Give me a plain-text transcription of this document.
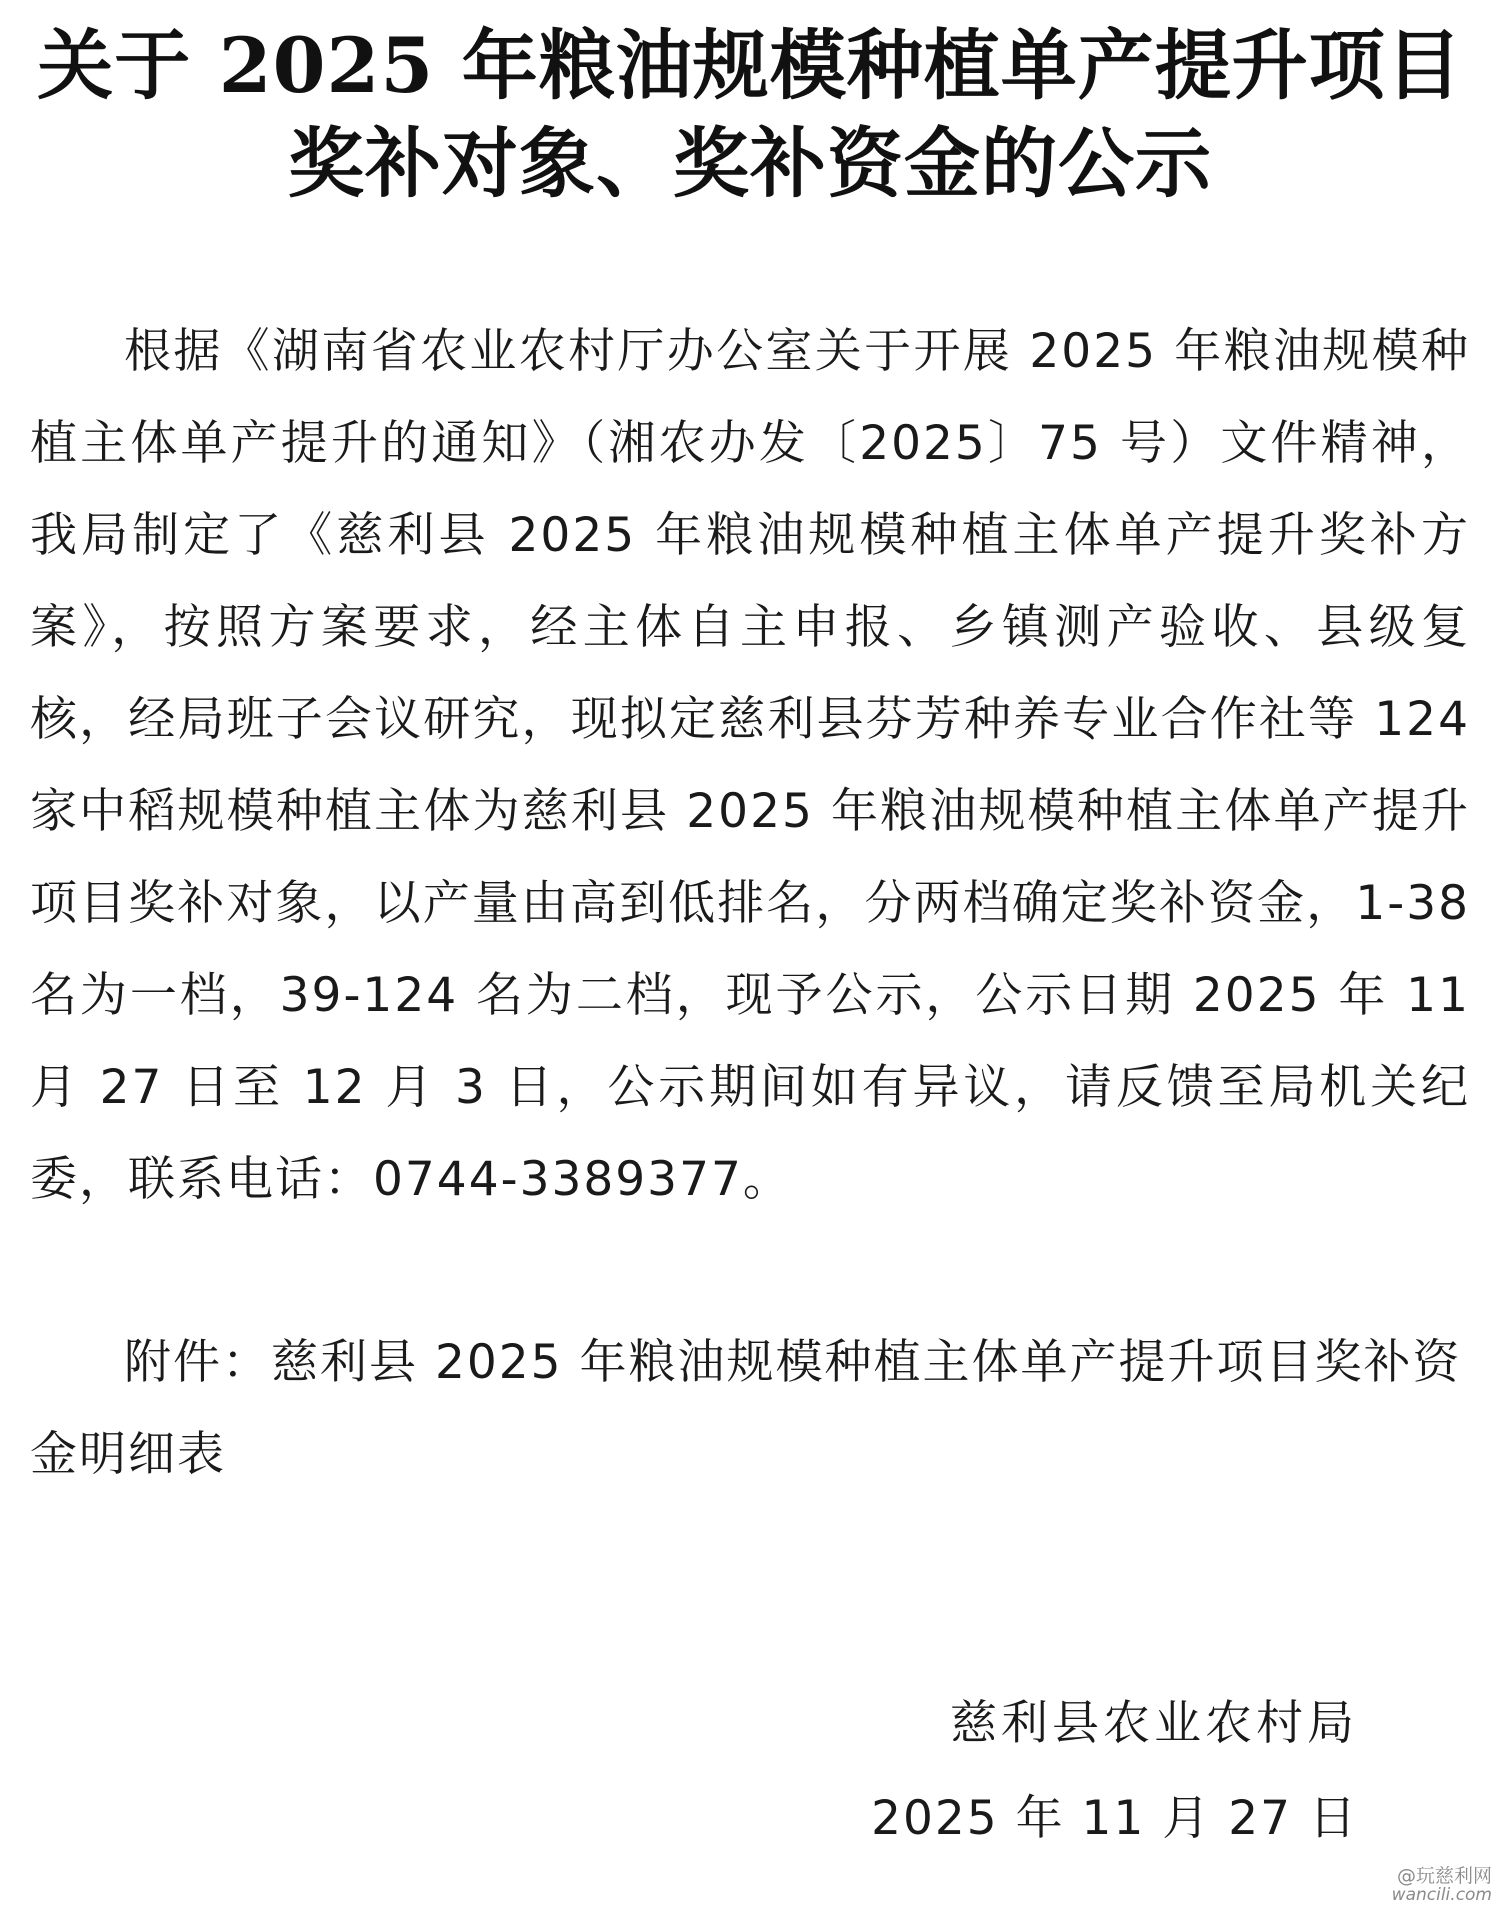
关于 2025 年粮油规模种植单产提升项目
奖补对象、奖补资金的公示

根据《湖南省农业农村厅办公室关于开展 2025 年粮油规模种植主体单产提升的通知》（湘农办发〔2025〕75 号）文件精神，我局制定了《慈利县 2025 年粮油规模种植主体单产提升奖补方案》，按照方案要求，经主体自主申报、乡镇测产验收、县级复核，经局班子会议研究，现拟定慈利县芬芳种养专业合作社等 124 家中稻规模种植主体为慈利县 2025 年粮油规模种植主体单产提升项目奖补对象，以产量由高到低排名，分两档确定奖补资金，1-38 名为一档，39-124 名为二档，现予公示，公示日期 2025 年 11 月 27 日至 12 月 3 日，公示期间如有异议，请反馈至局机关纪委，联系电话：0744-3389377。

附件：慈利县 2025 年粮油规模种植主体单产提升项目奖补资金明细表

慈利县农业农村局
2025 年 11 月 27 日
@玩慈利网
wancili.com
